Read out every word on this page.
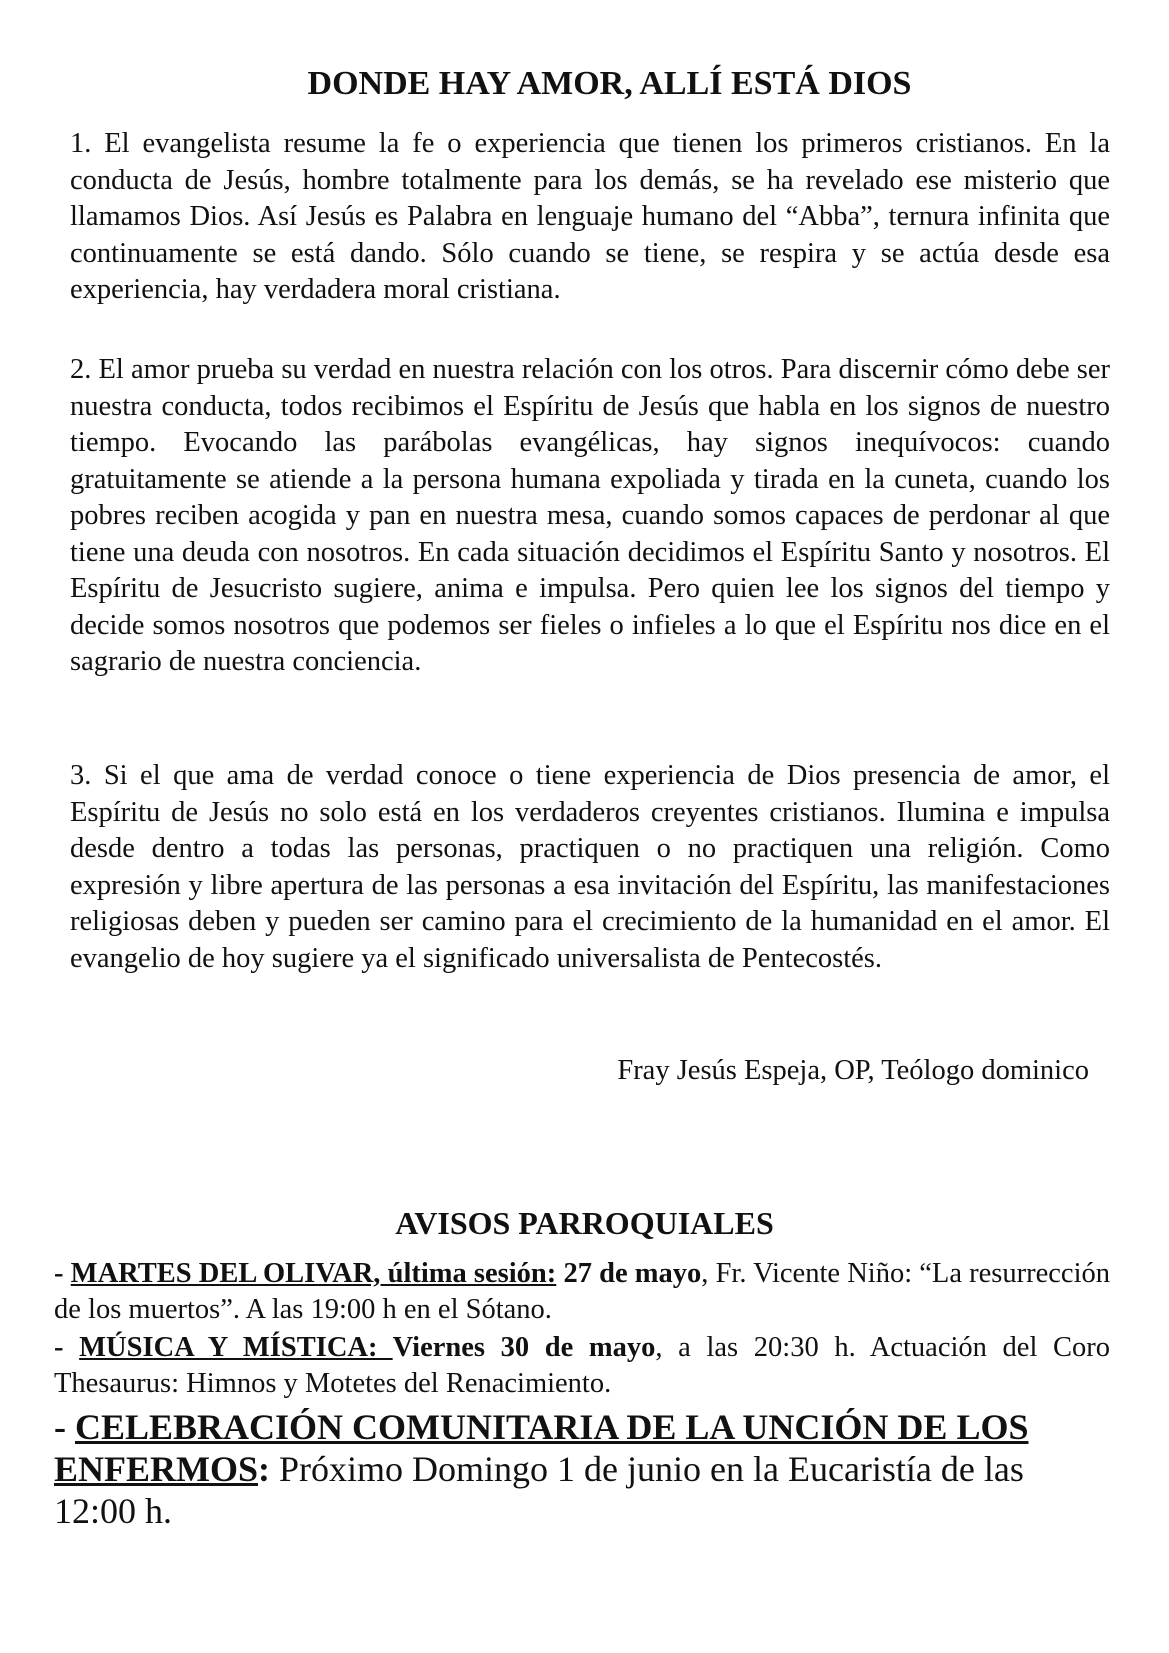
DONDE HAY AMOR, ALLÍ ESTÁ DIOS

1. El evangelista resume la fe o experiencia que tienen los primeros cristianos. En la conducta de Jesús, hombre totalmente para los demás, se ha revelado ese misterio que llamamos Dios. Así Jesús es Palabra en lenguaje humano del “Abba”, ternura infinita que continuamente se está dando. Sólo cuando se tiene, se respira y se actúa desde esa experiencia, hay verdadera moral cristiana.

2. El amor prueba su verdad en nuestra relación con los otros. Para discernir cómo debe ser nuestra conducta, todos recibimos el Espíritu de Jesús que habla en los signos de nuestro tiempo. Evocando las parábolas evangélicas, hay signos inequívocos: cuando gratuitamente se atiende a la persona humana expoliada y tirada en la cuneta, cuando los pobres reciben acogida y pan en nuestra mesa, cuando somos capaces de perdonar al que tiene una deuda con nosotros. En cada situación decidimos el Espíritu Santo y nosotros. El Espíritu de Jesucristo sugiere, anima e impulsa. Pero quien lee los signos del tiempo y decide somos nosotros que podemos ser fieles o infieles a lo que el Espíritu nos dice en el sagrario de nuestra conciencia.

3. Si el que ama de verdad conoce o tiene experiencia de Dios presencia de amor, el Espíritu de Jesús no solo está en los verdaderos creyentes cristianos. Ilumina e impulsa desde dentro a todas las personas, practiquen o no practiquen una religión. Como expresión y libre apertura de las personas a esa invitación del Espíritu, las manifestaciones religiosas deben y pueden ser camino para el crecimiento de la humanidad en el amor. El evangelio de hoy sugiere ya el significado universalista de Pentecostés.

Fray Jesús Espeja, OP, Teólogo dominico
AVISOS PARROQUIALES

- MARTES DEL OLIVAR, última sesión: 27 de mayo, Fr. Vicente Niño: “La resurrección de los muertos”. A las 19:00 h en el Sótano.

- MÚSICA Y MÍSTICA: Viernes 30 de mayo, a las 20:30 h. Actuación del Coro Thesaurus: Himnos y Motetes del Renacimiento.

- CELEBRACIÓN COMUNITARIA DE LA UNCIÓN DE LOS ENFERMOS: Próximo Domingo 1 de junio en la Eucaristía de las 12:00 h.
